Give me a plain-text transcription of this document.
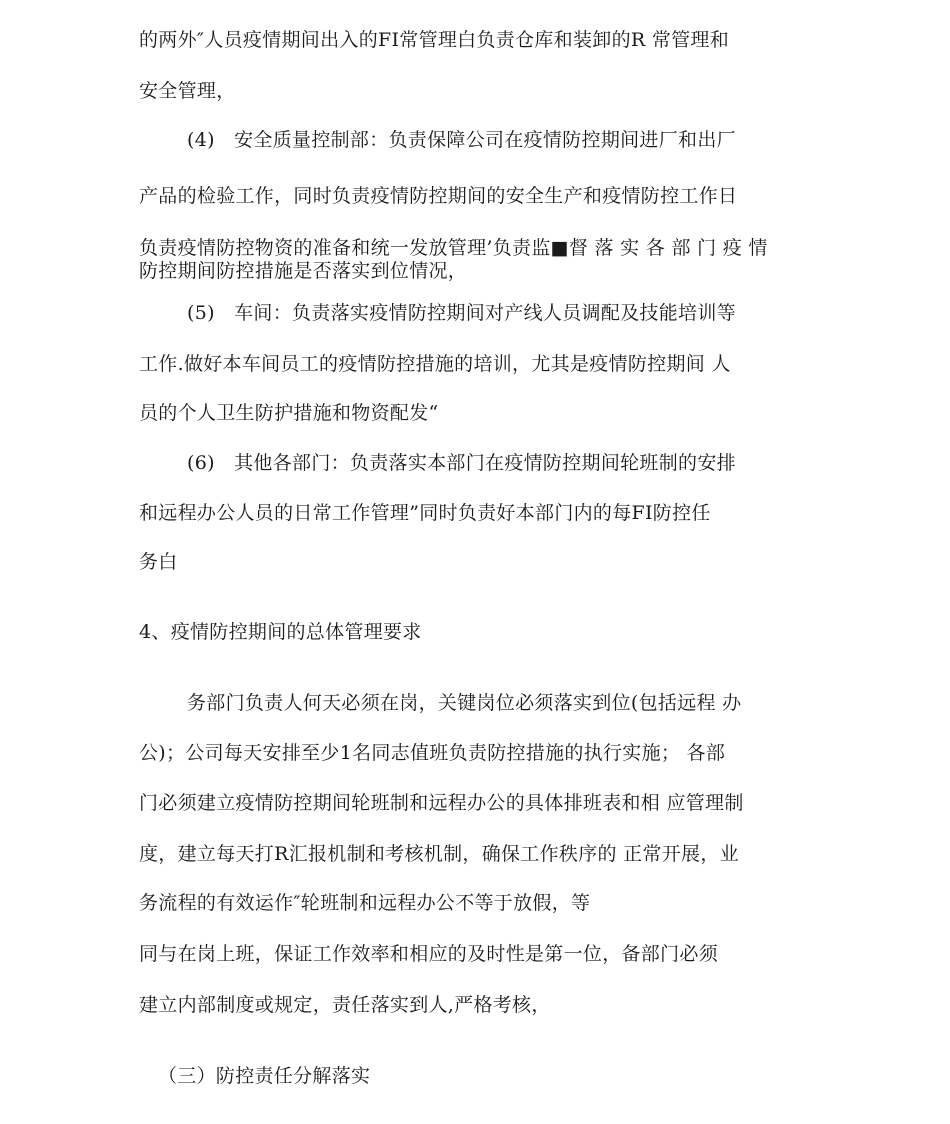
的两外″人员疫情期间出入的FI常管理白负责仓库和装卸的R 常管理和
安全管理，
(4)　安全质量控制部：负责保障公司在疫情防控期间进厂和出厂
产品的检验工作，同时负责疫情防控期间的安全生产和疫情防控工作日
负责疫情防控物资的准备和统一发放管理’负责监■督 落 实 各 部 门 疫 情
防控期间防控措施是否落实到位情况，
(5)　车间：负责落实疫情防控期间对产线人员调配及技能培训等
工作.做好本车间员工的疫情防控措施的培训，尤其是疫情防控期间 人
员的个人卫生防护措施和物资配发“
(6)　其他各部门：负责落实本部门在疫情防控期间轮班制的安排
和远程办公人员的日常工作管理”同时负责好本部门内的每FI防控任
务白
4、疫情防控期间的总体管理要求
务部门负责人何天必须在岗，关键岗位必须落实到位(包括远程 办
公)；公司每天安排至少1名同志值班负责防控措施的执行实施； 各部
门必须建立疫情防控期间轮班制和远程办公的具体排班表和相 应管理制
度，建立每天打R汇报机制和考核机制，确保工作秩序的 正常开展，业
务流程的有效运作″轮班制和远程办公不等于放假，等
同与在岗上班，保证工作效率和相应的及时性是第一位，备部门必须
建立内部制度或规定，责任落实到人,严格考核，
（三）防控责任分解落实
